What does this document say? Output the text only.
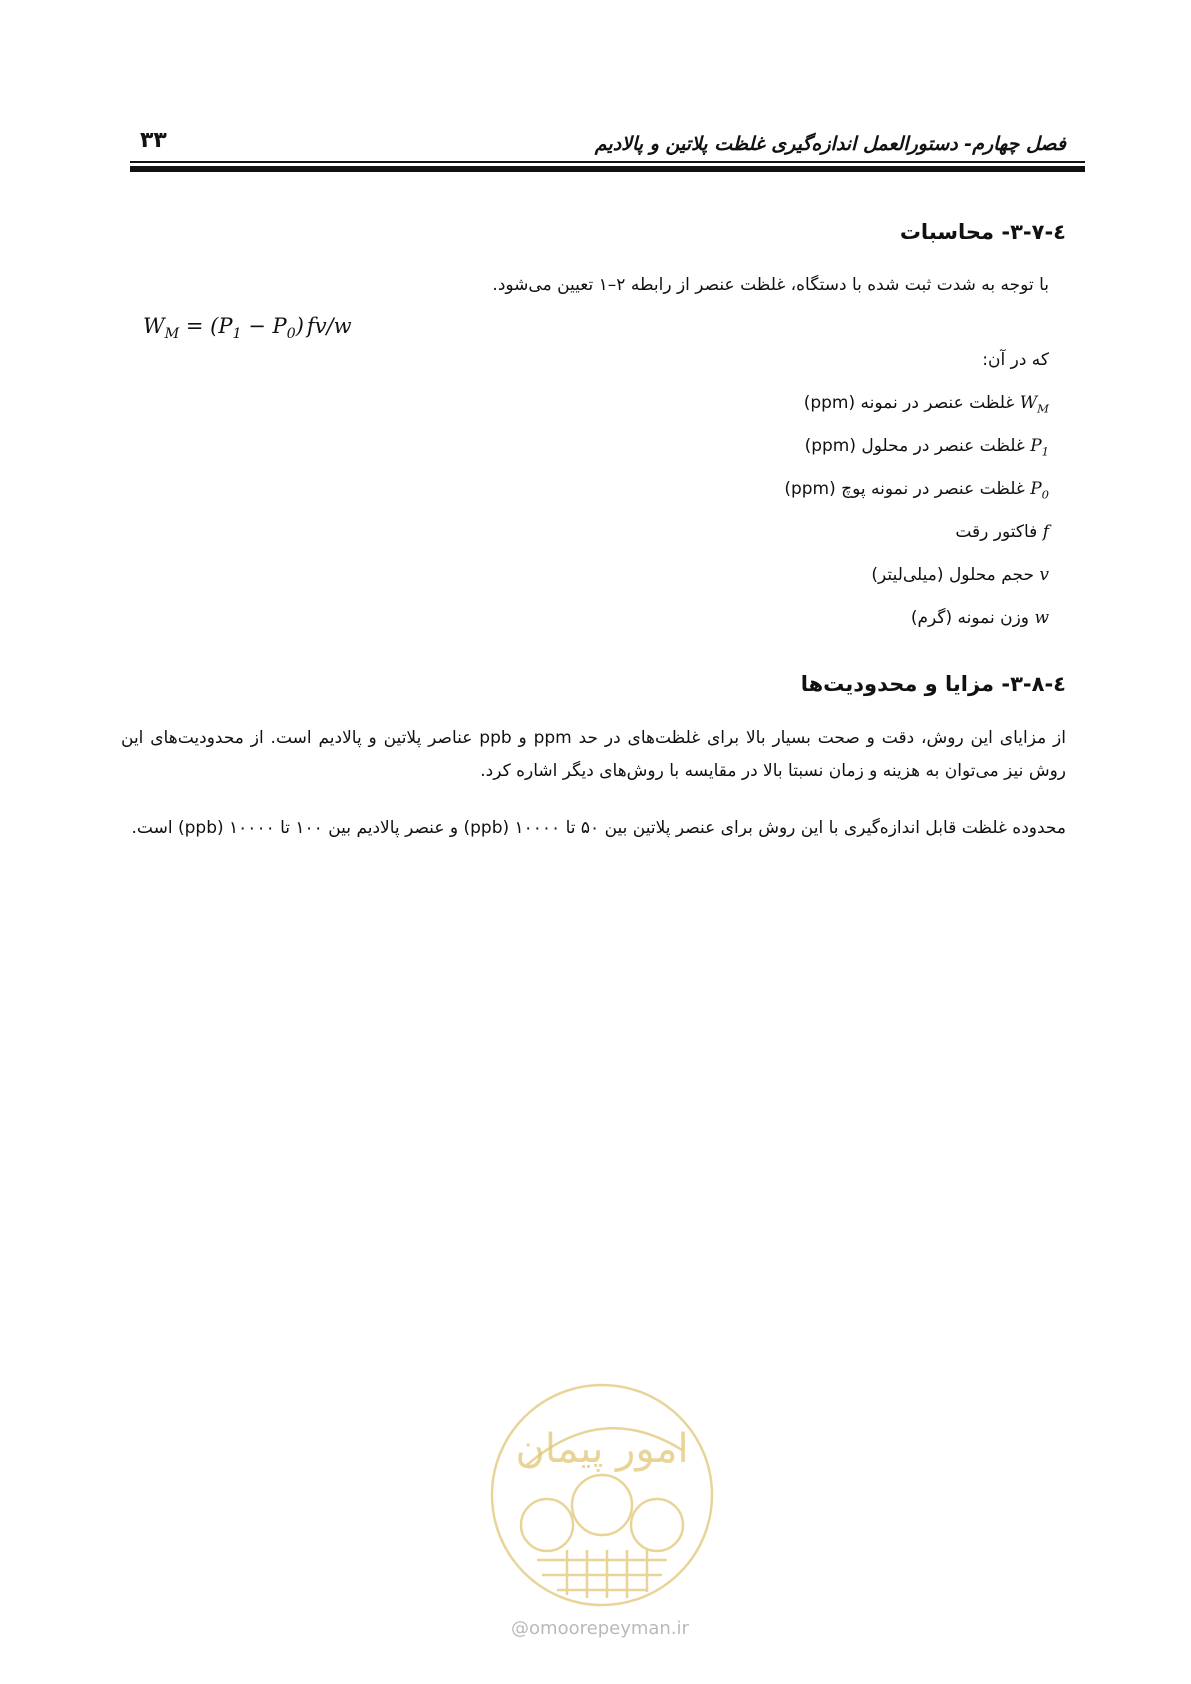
فصل چهارم- دستورالعمل اندازه‌گیری غلظت پلاتین و پالادیم
۳۳
٤-۳-۷- محاسبات
با توجه به شدت ثبت شده با دستگاه، غلظت عنصر از رابطه ۲–۱ تعیین می‌شود.
$W_M = (P_1 - P_0)$ fv/w
که در آن:
$W_M$ غلظت عنصر در نمونه (ppm)
$P_1$ غلظت عنصر در محلول (ppm)
$P_0$ غلظت عنصر در نمونه پوچ (ppm)
f فاکتور رقت
v حجم محلول (میلی‌لیتر)
w وزن نمونه (گرم)
٤-۳-۸- مزایا و محدودیت‌ها
از مزایای این روش، دقت و صحت بسیار بالا برای غلظت‌های در حد ppm و ppb عناصر پلاتین و پالادیم است. از محدودیت‌های این روش نیز می‌توان به هزینه و زمان نسبتا بالا در مقایسه با روش‌های دیگر اشاره کرد.
محدوده غلظت قابل اندازه‌گیری با این روش برای عنصر پلاتین بین ۵۰ تا ۱۰۰۰۰ (ppb) و عنصر پالادیم بین ۱۰۰ تا ۱۰۰۰۰ (ppb) است.
امور پیمان
@omoorepeyman.ir
